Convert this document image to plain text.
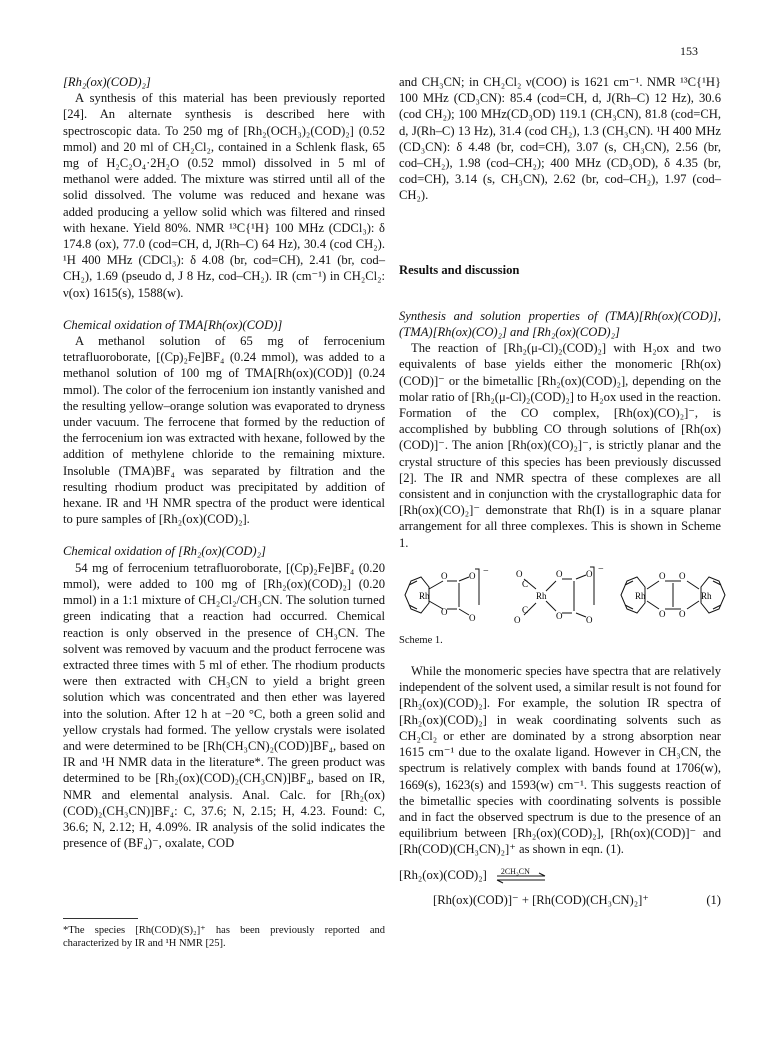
153

[Rh₂(ox)(COD)₂]

A synthesis of this material has been previously reported [24]. An alternate synthesis is described here with spectroscopic data. To 250 mg of [Rh₂(OCH₃)₂(COD)₂] (0.52 mmol) and 20 ml of CH₂Cl₂, contained in a Schlenk flask, 65 mg of H₂C₂O₄·2H₂O (0.52 mmol) dissolved in 5 ml of methanol were added. The mixture was stirred until all of the solid dissolved. The volume was reduced and hexane was added producing a yellow solid which was filtered and rinsed with hexane. Yield 80%. NMR ¹³C{¹H} 100 MHz (CDCl₃): δ 174.8 (ox), 77.0 (cod=CH, d, J(Rh–C) 64 Hz), 30.4 (cod CH₂). ¹H 400 MHz (CDCl₃): δ 4.08 (br, cod=CH), 2.41 (br, cod–CH₂), 1.69 (pseudo d, J 8 Hz, cod–CH₂). IR (cm⁻¹) in CH₂Cl₂: ν(ox) 1615(s), 1588(w).

Chemical oxidation of TMA[Rh(ox)(COD)]

A methanol solution of 65 mg of ferrocenium tetrafluoroborate, [(Cp)₂Fe]BF₄ (0.24 mmol), was added to a methanol solution of 100 mg of TMA[Rh(ox)(COD)] (0.24 mmol). The color of the ferrocenium ion instantly vanished and the resulting yellow–orange solution was evaporated to dryness under vacuum. The ferrocene that formed by the reduction of the ferrocenium ion was extracted with hexane, followed by the addition of methylene chloride to the remaining mixture. Insoluble (TMA)BF₄ was separated by filtration and the resulting rhodium product was precipitated by addition of hexane. IR and ¹H NMR spectra of the product were identical to pure samples of [Rh₂(ox)(COD)₂].

Chemical oxidation of [Rh₂(ox)(COD)₂]

54 mg of ferrocenium tetrafluoroborate, [(Cp)₂Fe]BF₄ (0.20 mmol), were added to 100 mg of [Rh₂(ox)(COD)₂] (0.20 mmol) in a 1:1 mixture of CH₂Cl₂/CH₃CN. The solution turned green indicating that a reaction had occurred. Chemical reaction is only observed in the presence of CH₃CN. The solvent was removed by vacuum and the product ferrocene was extracted three times with 5 ml of ether. The rhodium products were then extracted with CH₃CN to yield a bright green solution which was concentrated and then ether was layered into the solution. After 12 h at −20 °C, both a green solid and yellow crystals had formed. The yellow crystals were isolated and were determined to be [Rh(CH₃CN)₂(COD)]BF₄, based on IR and ¹H NMR data in the literature*. The green product was determined to be [Rh₂(ox)(COD)₂(CH₃CN)]BF₄, based on IR, NMR and elemental analysis. Anal. Calc. for [Rh₂(ox)(COD)₂(CH₃CN)]BF₄: C, 37.6; N, 2.15; H, 4.23. Found: C, 36.6; N, 2.12; H, 4.09%. IR analysis of the solid indicates the presence of (BF₄)⁻, oxalate, COD

*The species [Rh(COD)(S)₂]⁺ has been previously reported and characterized by IR and ¹H NMR [25].

and CH₃CN; in CH₂Cl₂ ν(COO) is 1621 cm⁻¹. NMR ¹³C{¹H} 100 MHz (CD₃CN): 85.4 (cod=CH, d, J(Rh–C) 12 Hz), 30.6 (cod CH₂); 100 MHz(CD₃OD) 119.1 (CH₃CN), 81.8 (cod=CH, d, J(Rh–C) 13 Hz), 31.4 (cod CH₂), 1.3 (CH₃CN). ¹H 400 MHz (CD₃CN): δ 4.48 (br, cod=CH), 3.07 (s, CH₃CN), 2.56 (br, cod–CH₂), 1.98 (cod–CH₂); 400 MHz (CD₃OD), δ 4.35 (br, cod=CH), 3.14 (s, CH₃CN), 2.62 (br, cod–CH₂), 1.97 (cod–CH₂).

Results and discussion

Synthesis and solution properties of (TMA)[Rh(ox)(COD)], (TMA)[Rh(ox)(CO)₂] and [Rh₂(ox)(COD)₂]

The reaction of [Rh₂(μ-Cl)₂(COD)₂] with H₂ox and two equivalents of base yields either the monomeric [Rh(ox)(COD)]⁻ or the bimetallic [Rh₂(ox)(COD)₂], depending on the molar ratio of [Rh₂(μ-Cl)₂(COD)₂] to H₂ox used in the reaction. Formation of the CO complex, [Rh(ox)(CO)₂]⁻, is accomplished by bubbling CO through solutions of [Rh(ox)(COD)]⁻. The anion [Rh(ox)(CO)₂]⁻, is strictly planar and the crystal structure of this species has been previously discussed [2]. The IR and NMR spectra of these complexes are all consistent and in conjunction with the crystallographic data for [Rh(ox)(CO)₂]⁻ demonstrate that Rh(I) is in a square planar arrangement for all three complexes. This is shown in Scheme 1.

Rh
O
O
O
O
−	O
C
Rh
C
O
O
O
O
O
−
Rh	Rh
O O
O O

Scheme 1.

While the monomeric species have spectra that are relatively independent of the solvent used, a similar result is not found for [Rh₂(ox)(COD)₂]. For example, the solution IR spectra of [Rh₂(ox)(COD)₂] in weak coordinating solvents such as CH₂Cl₂ or ether are dominated by a strong absorption near 1615 cm⁻¹ due to the oxalate ligand. However in CH₃CN, the spectrum is relatively complex with bands found at 1706(w), 1669(s), 1623(s) and 1593(w) cm⁻¹. This suggests reaction of the bimetallic species with coordinating solvents is possible and in fact the observed spectrum is due to the presence of an equilibrium between [Rh₂(ox)(COD)₂], [Rh(ox)(COD)]⁻ and [Rh(COD)(CH₃CN)₂]⁺ as shown in eqn. (1).

[Rh₂(ox)(COD)₂] 2CH₃CN
[Rh(ox)(COD)]⁻ + [Rh(COD)(CH₃CN)₂]⁺	(1)
